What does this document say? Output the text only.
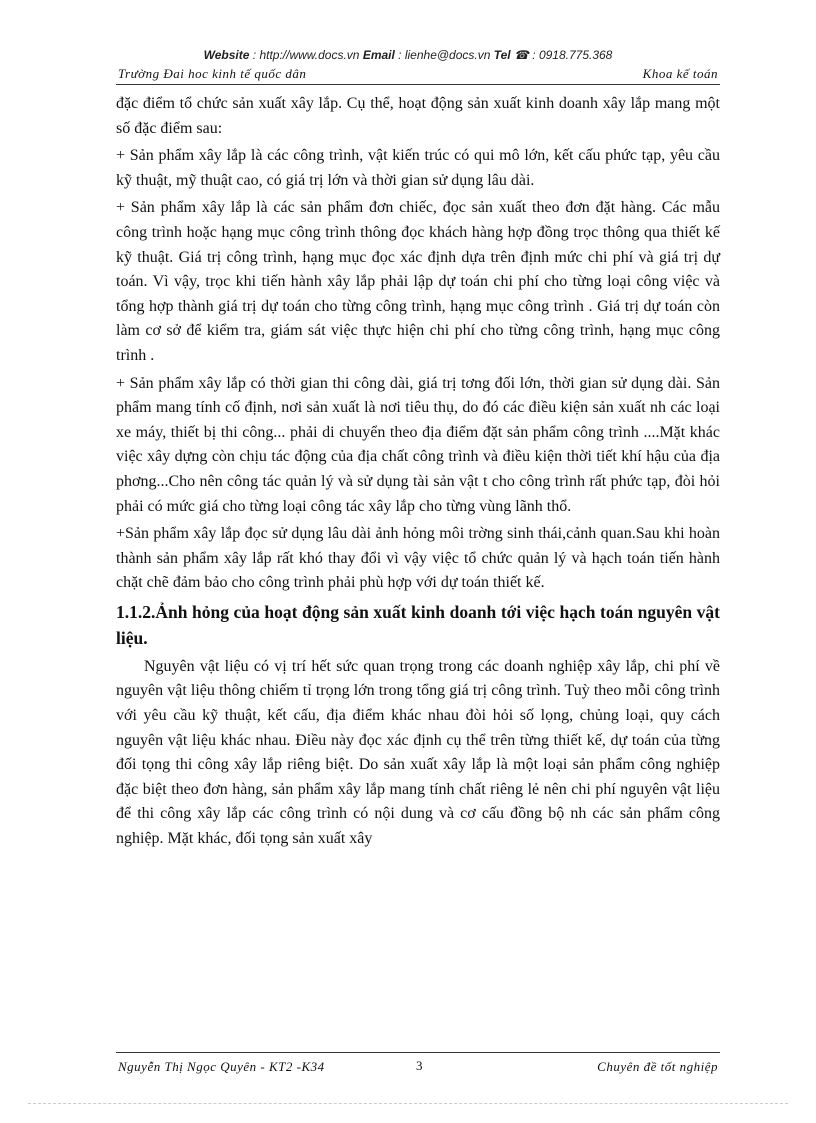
Website : http://www.docs.vn Email : lienhe@docs.vn Tel ☎ : 0918.775.368
Trường Đai hoc kinh tế quốc dân	Khoa kế toán

đặc điểm tổ chức sản xuất xây lắp. Cụ thể, hoạt động sản xuất kinh doanh xây lắp mang một số đặc điểm sau:

+ Sản phẩm xây lắp là các công trình, vật kiến trúc có qui mô lớn, kết cấu phức tạp, yêu cầu kỹ thuật, mỹ thuật cao, có giá trị lớn và thời gian sử dụng lâu dài.

+ Sản phẩm xây lắp là các sản phẩm đơn chiếc, đọc sản xuất theo đơn đặt hàng. Các mẫu công trình hoặc hạng mục công trình thông đọc khách hàng hợp đồng trọc thông qua thiết kế kỹ thuật. Giá trị công trình, hạng mục đọc xác định dựa trên định mức chi phí và giá trị dự toán. Vì vậy, trọc khi tiến hành xây lắp phải lập dự toán chi phí cho từng loại công việc và tổng hợp thành giá trị dự toán cho từng công trình, hạng mục công trình . Giá trị dự toán còn làm cơ sở để kiểm tra, giám sát việc thực hiện chi phí cho từng công trình, hạng mục công trình .

+ Sản phẩm xây lắp có thời gian thi công dài, giá trị tơng đối lớn, thời gian sử dụng dài. Sản phẩm mang tính cố định, nơi sản xuất là nơi tiêu thụ, do đó các điều kiện sản xuất nh các loại xe máy, thiết bị thi công... phải di chuyển theo địa điểm đặt sản phẩm công trình ....Mặt khác việc xây dựng còn chịu tác động của địa chất công trình và điều kiện thời tiết khí hậu của địa phơng...Cho nên công tác quản lý và sử dụng tài sản vật t cho công trình rất phức tạp, đòi hỏi phải có mức giá cho từng loại công tác xây lắp cho từng vùng lãnh thổ.

+Sản phẩm xây lắp đọc sử dụng lâu dài ảnh hỏng môi trờng sinh thái,cảnh quan.Sau khi hoàn thành sản phẩm xây lắp rất khó thay đổi vì vậy việc tổ chức quản lý và hạch toán tiến hành chặt chẽ đảm bảo cho công trình phải phù hợp với dự toán thiết kế.

1.1.2.Ảnh hỏng của hoạt động sản xuất kinh doanh tới việc hạch toán nguyên vật liệu.

Nguyên vật liệu có vị trí hết sức quan trọng trong các doanh nghiệp xây lắp, chi phí về nguyên vật liệu thông chiếm tỉ trọng lớn trong tổng giá trị công trình. Tuỳ theo mỗi công trình với yêu cầu kỹ thuật, kết cấu, địa điểm khác nhau đòi hỏi số lọng, chủng loại, quy cách nguyên vật liệu khác nhau. Điều này đọc xác định cụ thể trên từng thiết kế, dự toán của từng đối tọng thi công xây lắp riêng biệt. Do sản xuất xây lắp là một loại sản phẩm công nghiệp đặc biệt theo đơn hàng, sản phẩm xây lắp mang tính chất riêng lẻ nên chi phí nguyên vật liệu để thi công xây lắp các công trình có nội dung và cơ cấu đồng bộ nh các sản phẩm công nghiệp. Mặt khác, đối tọng sản xuất xây

Nguyễn Thị Ngọc Quyên - KT2 -K34	3	Chuyên đề tốt nghiệp
